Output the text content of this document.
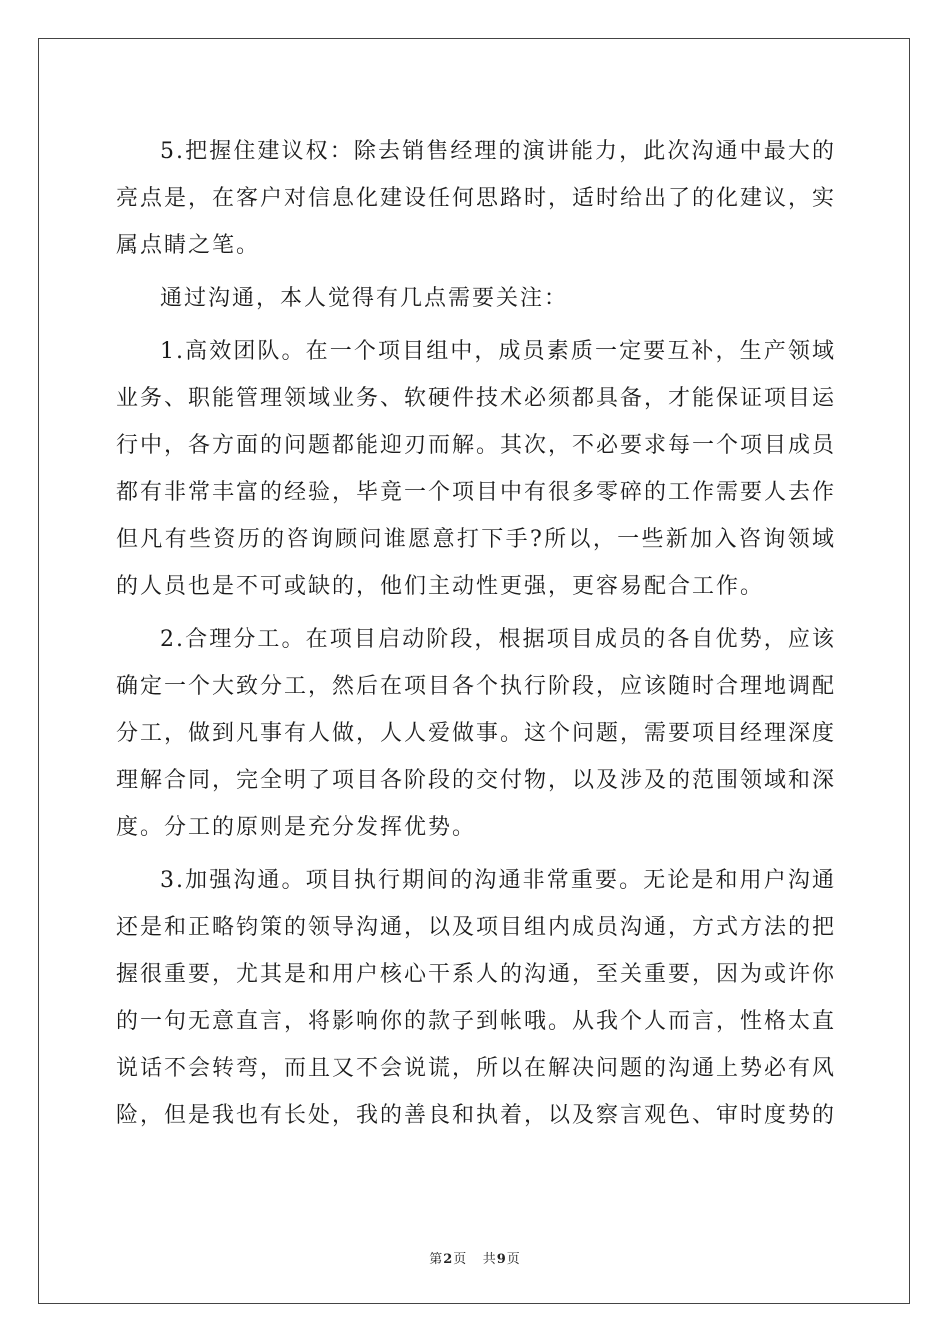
5.把握住建议权：除去销售经理的演讲能力，此次沟通中最大的亮点是，在客户对信息化建设任何思路时，适时给出了的化建议，实属点睛之笔。

通过沟通，本人觉得有几点需要关注：

1.高效团队。在一个项目组中，成员素质一定要互补，生产领域业务、职能管理领域业务、软硬件技术必须都具备，才能保证项目运行中，各方面的问题都能迎刃而解。其次，不必要求每一个项目成员都有非常丰富的经验，毕竟一个项目中有很多零碎的工作需要人去作但凡有些资历的咨询顾问谁愿意打下手?所以，一些新加入咨询领域的人员也是不可或缺的，他们主动性更强，更容易配合工作。

2.合理分工。在项目启动阶段，根据项目成员的各自优势，应该确定一个大致分工，然后在项目各个执行阶段，应该随时合理地调配分工，做到凡事有人做，人人爱做事。这个问题，需要项目经理深度理解合同，完全明了项目各阶段的交付物，以及涉及的范围领域和深度。分工的原则是充分发挥优势。

3.加强沟通。项目执行期间的沟通非常重要。无论是和用户沟通还是和正略钧策的领导沟通，以及项目组内成员沟通，方式方法的把握很重要，尤其是和用户核心干系人的沟通，至关重要，因为或许你的一句无意直言，将影响你的款子到帐哦。从我个人而言，性格太直说话不会转弯，而且又不会说谎，所以在解决问题的沟通上势必有风险，但是我也有长处，我的善良和执着，以及察言观色、审时度势的

第2页 共9页
